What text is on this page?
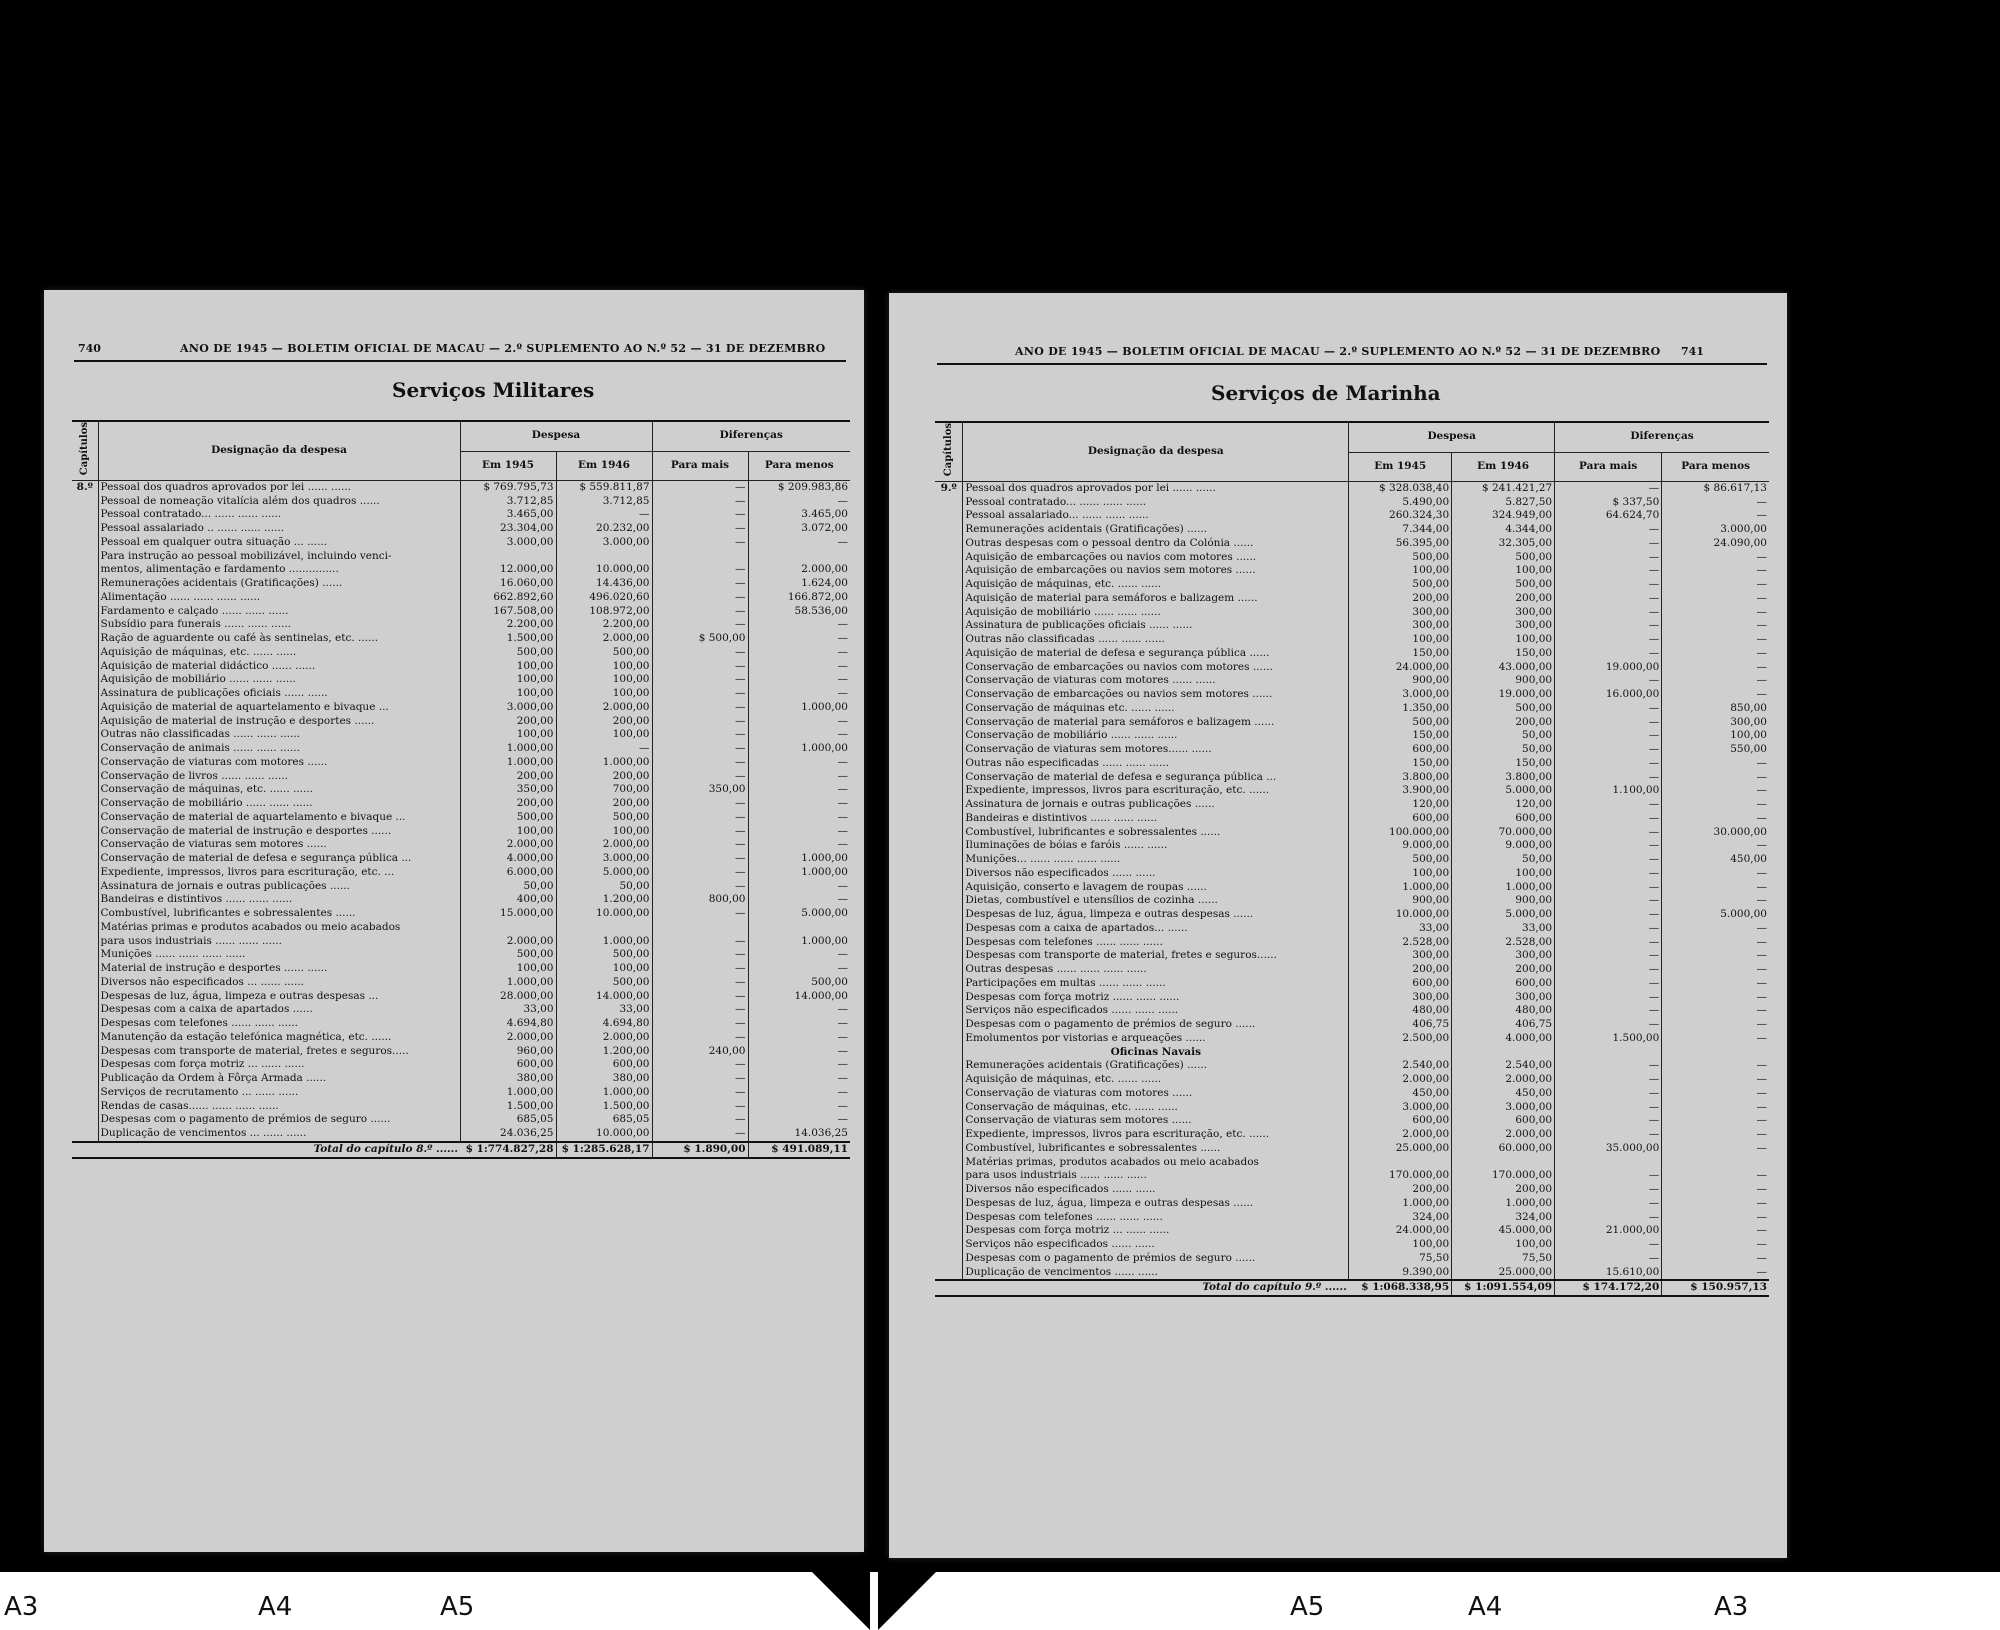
740	ANO DE 1945 — BOLETIM OFICIAL DE MACAU — 2.º SUPLEMENTO AO N.º 52 — 31 DE DEZEMBRO
Serviços Militares
Capítulos	Designação da despesa	Despesa		Diferenças	
		Em 1945	Em 1946	Para mais	Para menos
8.º	Pessoal dos quadros aprovados por lei ...... ......	$ 769.795,73	$ 559.811,87	—	$ 209.983,86
	Pessoal de nomeação vitalícia além dos quadros ......	3.712,85	3.712,85	—	—
	Pessoal contratado... ...... ...... ......	3.465,00	—	—	3.465,00
	Pessoal assalariado .. ...... ...... ......	23.304,00	20.232,00	—	3.072,00
	Pessoal em qualquer outra situação ... ......	3.000,00	3.000,00	—	—
	Para instrução ao pessoal mobilizável, incluindo venci-				
	mentos, alimentação e fardamento ...............	12.000,00	10.000,00	—	2.000,00
	Remunerações acidentais (Gratificações) ......	16.060,00	14.436,00	—	1.624,00
	Alimentação ...... ...... ...... ......	662.892,60	496.020,60	—	166.872,00
	Fardamento e calçado ...... ...... ......	167.508,00	108.972,00	—	58.536,00
	Subsídio para funerais ...... ...... ......	2.200,00	2.200,00	—	—
	Ração de aguardente ou café às sentinelas, etc. ......	1.500,00	2.000,00	$ 500,00	—
	Aquisição de máquinas, etc. ...... ......	500,00	500,00	—	—
	Aquisição de material didáctico ...... ......	100,00	100,00	—	—
	Aquisição de mobiliário ...... ...... ......	100,00	100,00	—	—
	Assinatura de publicações oficiais ...... ......	100,00	100,00	—	—
	Aquisição de material de aquartelamento e bivaque ...	3.000,00	2.000,00	—	1.000,00
	Aquisição de material de instrução e desportes ......	200,00	200,00	—	—
	Outras não classificadas ...... ...... ......	100,00	100,00	—	—
	Conservação de animais ...... ...... ......	1.000,00	—	—	1.000,00
	Conservação de viaturas com motores ......	1.000,00	1.000,00	—	—
	Conservação de livros ...... ...... ......	200,00	200,00	—	—
	Conservação de máquinas, etc. ...... ......	350,00	700,00	350,00	—
	Conservação de mobiliário ...... ...... ......	200,00	200,00	—	—
	Conservação de material de aquartelamento e bivaque ...	500,00	500,00	—	—
	Conservação de material de instrução e desportes ......	100,00	100,00	—	—
	Conservação de viaturas sem motores ......	2.000,00	2.000,00	—	—
	Conservação de material de defesa e segurança pública ...	4.000,00	3.000,00	—	1.000,00
	Expediente, impressos, livros para escrituração, etc. ...	6.000,00	5.000,00	—	1.000,00
	Assinatura de jornais e outras publicações ......	50,00	50,00	—	—
	Bandeiras e distintivos ...... ...... ......	400,00	1.200,00	800,00	—
	Combustível, lubrificantes e sobressalentes ......	15.000,00	10.000,00	—	5.000,00
	Matérias primas e produtos acabados ou meio acabados				
	para usos industriais ...... ...... ......	2.000,00	1.000,00	—	1.000,00
	Munições ...... ...... ...... ......	500,00	500,00	—	—
	Material de instrução e desportes ...... ......	100,00	100,00	—	—
	Diversos não especificados ... ...... ......	1.000,00	500,00	—	500,00
	Despesas de luz, água, limpeza e outras despesas ...	28.000,00	14.000,00	—	14.000,00
	Despesas com a caixa de apartados ......	33,00	33,00	—	—
	Despesas com telefones ...... ...... ......	4.694,80	4.694,80	—	—
	Manutenção da estação telefónica magnética, etc. ......	2.000,00	2.000,00	—	—
	Despesas com transporte de material, fretes e seguros.....	960,00	1.200,00	240,00	—
	Despesas com força motriz ... ...... ......	600,00	600,00	—	—
	Publicação da Ordem à Fôrça Armada ......	380,00	380,00	—	—
	Serviços de recrutamento ... ...... ......	1.000,00	1.000,00	—	—
	Rendas de casas...... ...... ...... ......	1.500,00	1.500,00	—	—
	Despesas com o pagamento de prémios de seguro ......	685,05	685,05	—	—
	Duplicação de vencimentos ... ...... ......	24.036,25	10.000,00	—	14.036,25
Total do capítulo 8.º ......		$ 1:774.827,28	$ 1:285.628,17	$ 1.890,00	$ 491.089,11
ANO DE 1945 — BOLETIM OFICIAL DE MACAU — 2.º SUPLEMENTO AO N.º 52 — 31 DE DEZEMBRO 741
Serviços de Marinha
Capítulos	Designação da despesa	Despesa		Diferenças	
		Em 1945	Em 1946	Para mais	Para menos
9.º	Pessoal dos quadros aprovados por lei ...... ......	$ 328.038,40	$ 241.421,27	—	$ 86.617,13
	Pessoal contratado... ...... ...... ......	5.490,00	5.827,50	$ 337,50	—
	Pessoal assalariado... ...... ...... ......	260.324,30	324.949,00	64.624,70	—
	Remunerações acidentais (Gratificações) ......	7.344,00	4.344,00	—	3.000,00
	Outras despesas com o pessoal dentro da Colónia ......	56.395,00	32.305,00	—	24.090,00
	Aquisição de embarcações ou navios com motores ......	500,00	500,00	—	—
	Aquisição de embarcações ou navios sem motores ......	100,00	100,00	—	—
	Aquisição de máquinas, etc. ...... ......	500,00	500,00	—	—
	Aquisição de material para semáforos e balizagem ......	200,00	200,00	—	—
	Aquisição de mobiliário ...... ...... ......	300,00	300,00	—	—
	Assinatura de publicações oficiais ...... ......	300,00	300,00	—	—
	Outras não classificadas ...... ...... ......	100,00	100,00	—	—
	Aquisição de material de defesa e segurança pública ......	150,00	150,00	—	—
	Conservação de embarcações ou navios com motores ......	24.000,00	43.000,00	19.000,00	—
	Conservação de viaturas com motores ...... ......	900,00	900,00	—	—
	Conservação de embarcações ou navios sem motores ......	3.000,00	19.000,00	16.000,00	—
	Conservação de máquinas etc. ...... ......	1.350,00	500,00	—	850,00
	Conservação de material para semáforos e balizagem ......	500,00	200,00	—	300,00
	Conservação de mobiliário ...... ...... ......	150,00	50,00	—	100,00
	Conservação de viaturas sem motores...... ......	600,00	50,00	—	550,00
	Outras não especificadas ...... ...... ......	150,00	150,00	—	—
	Conservação de material de defesa e segurança pública ...	3.800,00	3.800,00	—	—
	Expediente, impressos, livros para escrituração, etc. ......	3.900,00	5.000,00	1.100,00	—
	Assinatura de jornais e outras publicações ......	120,00	120,00	—	—
	Bandeiras e distintivos ...... ...... ......	600,00	600,00	—	—
	Combustível, lubrificantes e sobressalentes ......	100.000,00	70.000,00	—	30.000,00
	Iluminações de bóias e faróis ...... ......	9.000,00	9.000,00	—	—
	Munições... ...... ...... ...... ......	500,00	50,00	—	450,00
	Diversos não especificados ...... ......	100,00	100,00	—	—
	Aquisição, conserto e lavagem de roupas ......	1.000,00	1.000,00	—	—
	Dietas, combustível e utensílios de cozinha ......	900,00	900,00	—	—
	Despesas de luz, água, limpeza e outras despesas ......	10.000,00	5.000,00	—	5.000,00
	Despesas com a caixa de apartados... ......	33,00	33,00	—	—
	Despesas com telefones ...... ...... ......	2.528,00	2.528,00	—	—
	Despesas com transporte de material, fretes e seguros......	300,00	300,00	—	—
	Outras despesas ...... ...... ...... ......	200,00	200,00	—	—
	Participações em multas ...... ...... ......	600,00	600,00	—	—
	Despesas com força motriz ...... ...... ......	300,00	300,00	—	—
	Serviços não especificados ...... ...... ......	480,00	480,00	—	—
	Despesas com o pagamento de prémios de seguro ......	406,75	406,75	—	—
	Emolumentos por vistorias e arqueações ......	2.500,00	4.000,00	1.500,00	—
	Oficinas Navais				
	Remunerações acidentais (Gratificações) ......	2.540,00	2.540,00	—	—
	Aquisição de máquinas, etc. ...... ......	2.000,00	2.000,00	—	—
	Conservação de viaturas com motores ......	450,00	450,00	—	—
	Conservação de máquinas, etc. ...... ......	3.000,00	3.000,00	—	—
	Conservação de viaturas sem motores ......	600,00	600,00	—	—
	Expediente, impressos, livros para escrituração, etc. ......	2.000,00	2.000,00	—	—
	Combustível, lubrificantes e sobressalentes ......	25.000,00	60.000,00	35.000,00	—
	Matérias primas, produtos acabados ou meio acabados				
	para usos industriais ...... ...... ......	170.000,00	170.000,00	—	—
	Diversos não especificados ...... ......	200,00	200,00	—	—
	Despesas de luz, água, limpeza e outras despesas ......	1.000,00	1.000,00	—	—
	Despesas com telefones ...... ...... ......	324,00	324,00	—	—
	Despesas com força motriz ... ...... ......	24.000,00	45.000,00	21.000,00	—
	Serviços não especificados ...... ......	100,00	100,00	—	—
	Despesas com o pagamento de prémios de seguro ......	75,50	75,50	—	—
	Duplicação de vencimentos ...... ......	9.390,00	25.000,00	15.610,00	—
Total do capítulo 9.º ......		$ 1:068.338,95	$ 1:091.554,09	$ 174.172,20	$ 150.957,13
A3	A4	A5	A5	A4	A3
